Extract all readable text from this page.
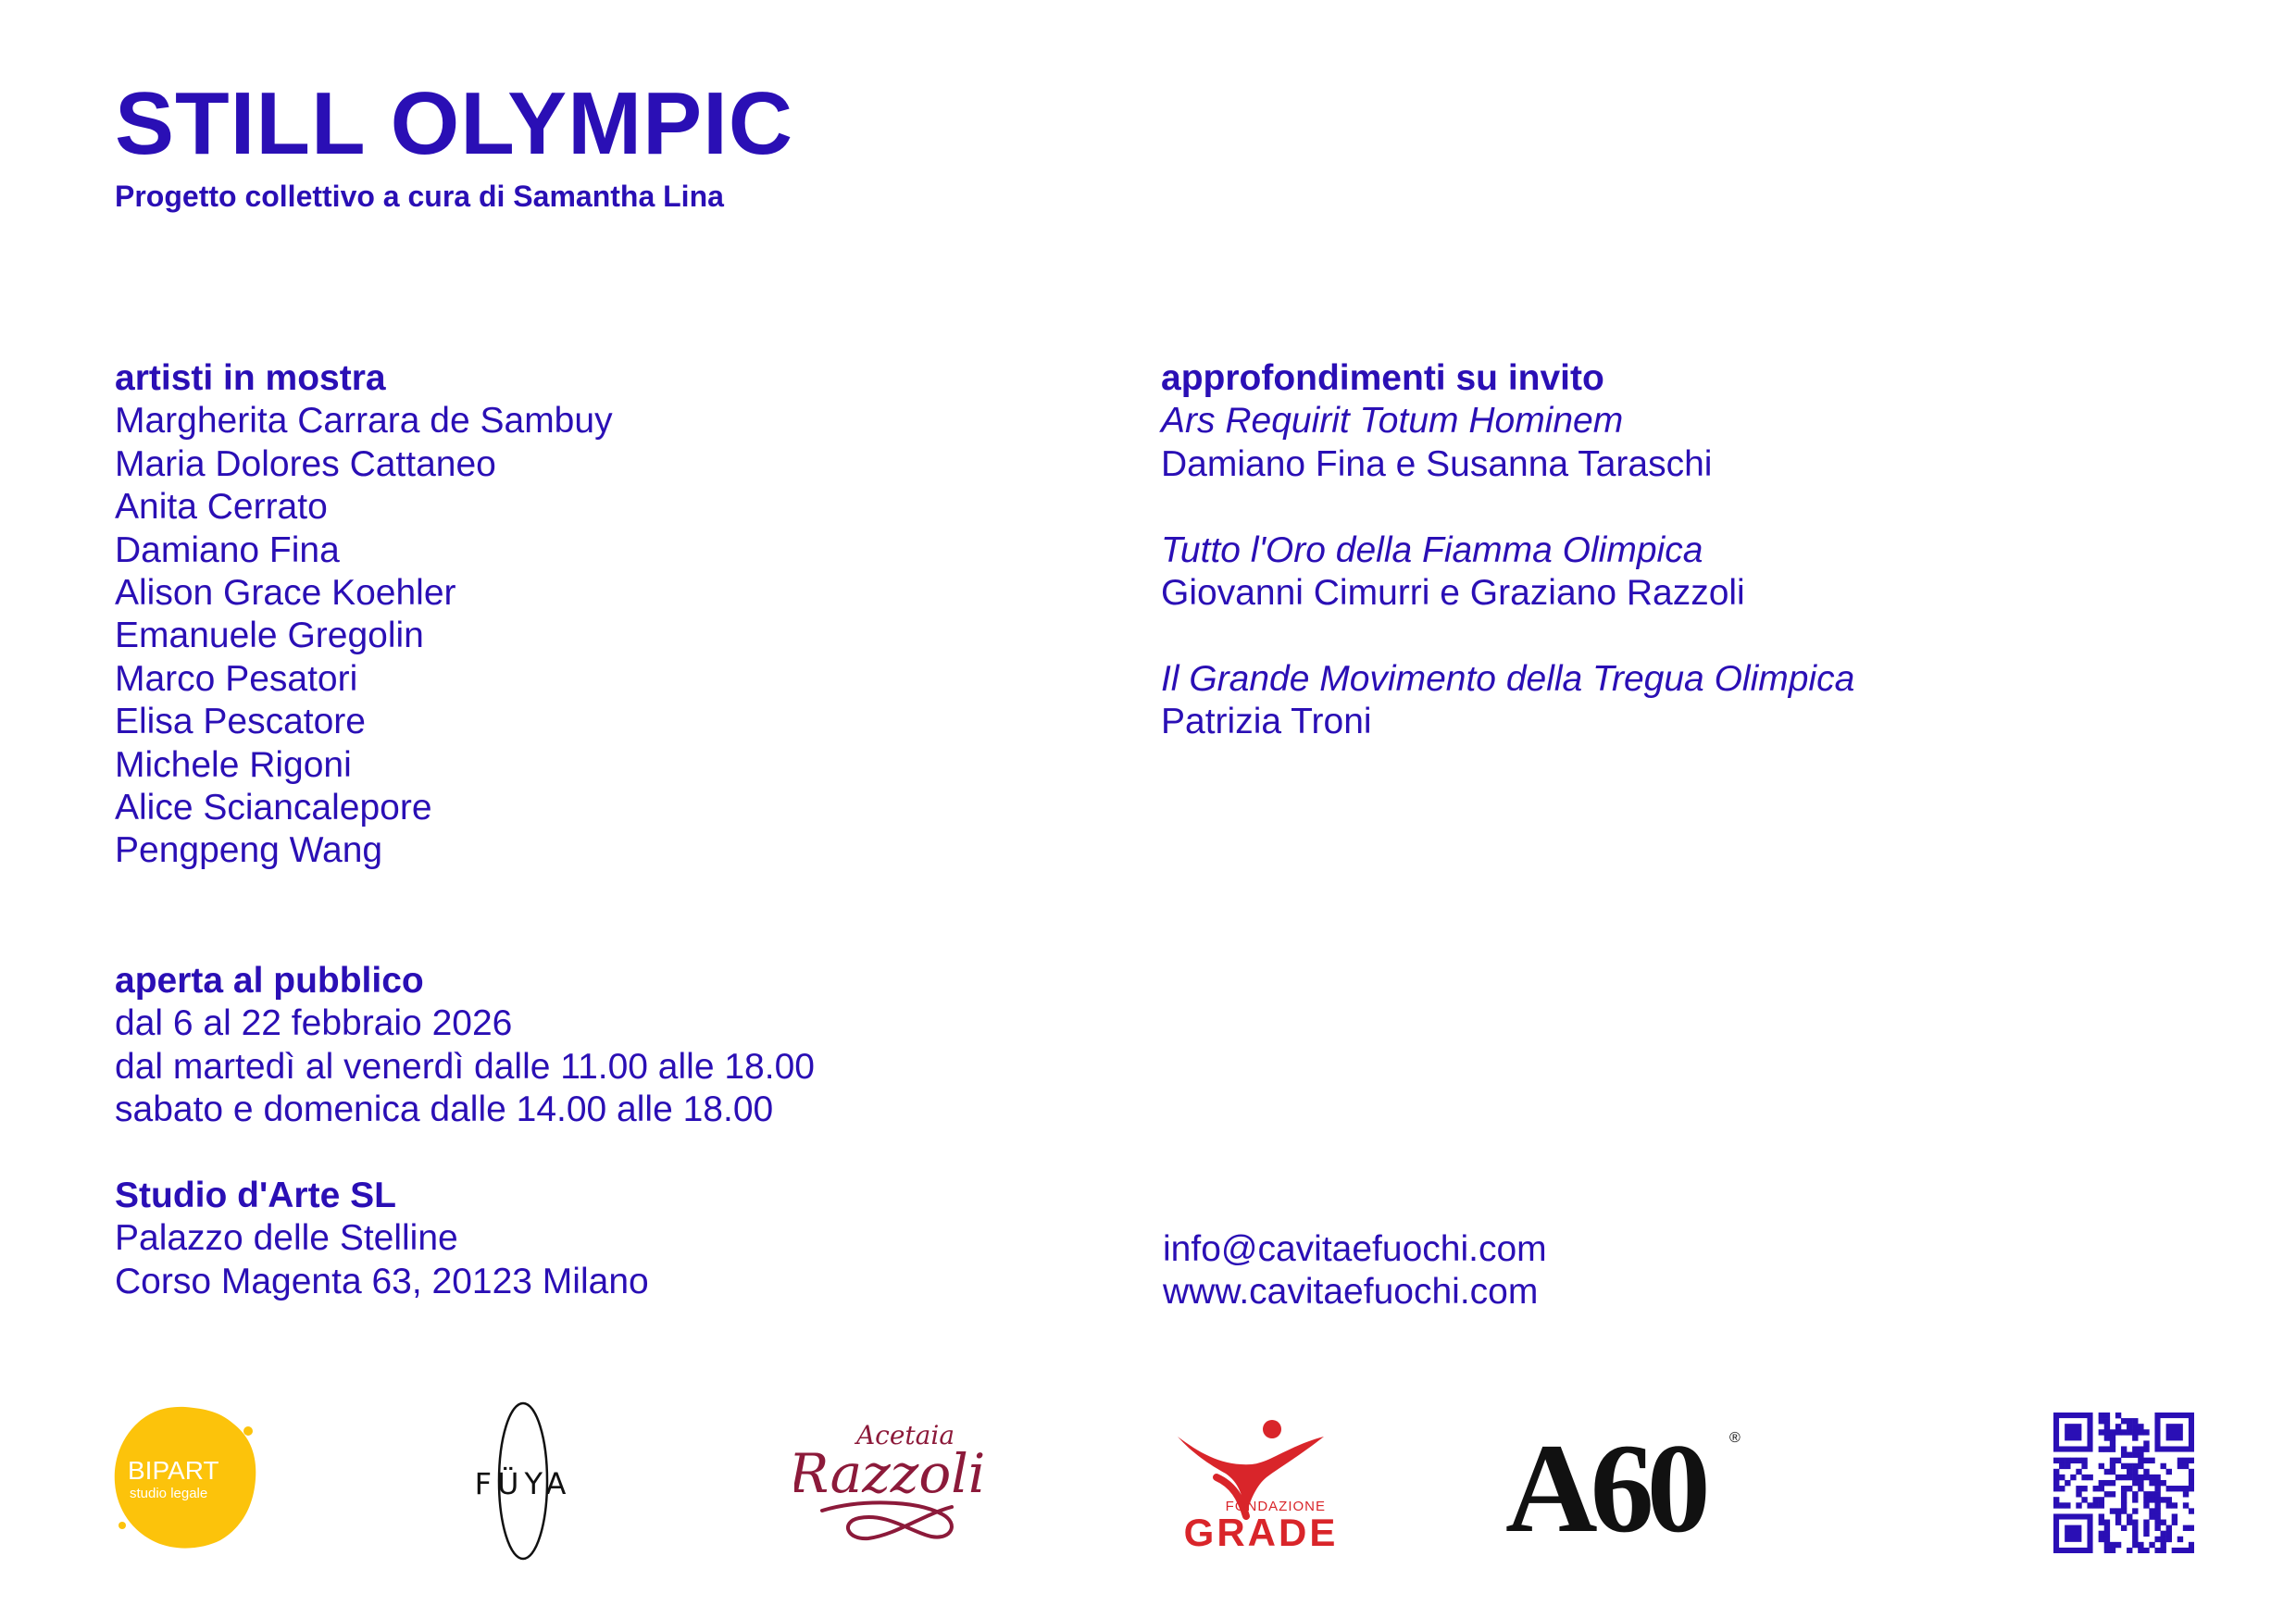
STILL OLYMPIC
Progetto collettivo a cura di Samantha Lina
artisti in mostra
Margherita Carrara de Sambuy
Maria Dolores Cattaneo
Anita Cerrato
Damiano Fina
Alison Grace Koehler
Emanuele Gregolin
Marco Pesatori
Elisa Pescatore
Michele Rigoni
Alice Sciancalepore
Pengpeng Wang
approfondimenti su invito
Ars Requirit Totum Hominem
Damiano Fina e Susanna Taraschi
Tutto l'Oro della Fiamma Olimpica
Giovanni Cimurri e Graziano Razzoli
Il Grande Movimento della Tregua Olimpica
Patrizia Troni
aperta al pubblico
dal 6 al 22 febbraio 2026
dal martedì al venerdì dalle 11.00 alle 18.00
sabato e domenica dalle 14.00 alle 18.00
Studio d'Arte SL
Palazzo delle Stelline
Corso Magenta 63, 20123 Milano
info@cavitaefuochi.com
www.cavitaefuochi.com
BIPART
studio legale	FÜYA
Acetaia
Razzoli
FONDAZIONE
GRADE A60 ®
